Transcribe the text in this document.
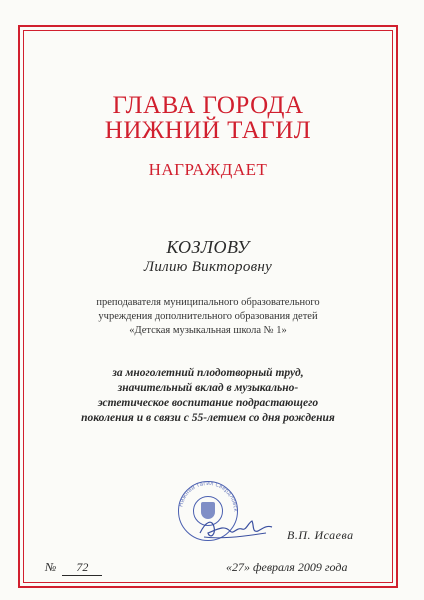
ГЛАВА ГОРОДА
НИЖНИЙ ТАГИЛ
НАГРАЖДАЕТ
КОЗЛОВУ
Лилию Викторовну
преподавателя муниципального образовательного
учреждения дополнительного образования детей
«Детская музыкальная школа № 1»
за многолетний плодотворный труд,
значительный вклад в музыкально-
эстетическое воспитание подрастающего
поколения и в связи с 55-летием со дня рождения
Нижний Тагил Свердловск
В.П. Исаева
№ 72	«27» февраля 2009 года
